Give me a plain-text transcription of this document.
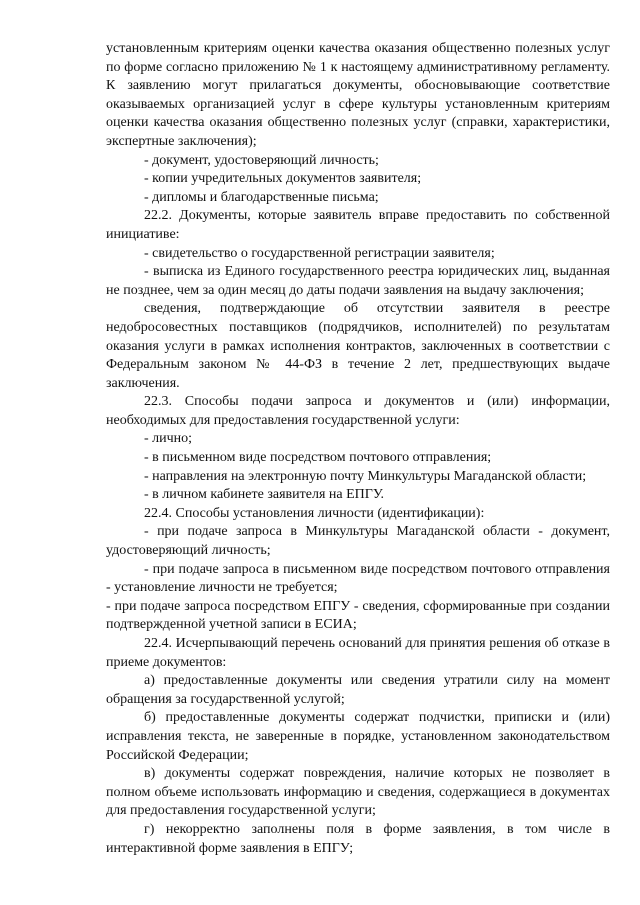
установленным критериям оценки качества оказания общественно полезных услуг по форме согласно приложению № 1 к настоящему административному регламенту. К заявлению могут прилагаться документы, обосновывающие соответствие оказываемых организацией услуг в сфере культуры установленным критериям оценки качества оказания общественно полезных услуг (справки, характеристики, экспертные заключения);

- документ, удостоверяющий личность;

- копии учредительных документов заявителя;

- дипломы и благодарственные письма;

22.2. Документы, которые заявитель вправе предоставить по собственной инициативе:

- свидетельство о государственной регистрации заявителя;

- выписка из Единого государственного реестра юридических лиц, выданная не позднее, чем за один месяц до даты подачи заявления на выдачу заключения;

сведения, подтверждающие об отсутствии заявителя в реестре недобросовестных поставщиков (подрядчиков, исполнителей) по результатам оказания услуги в рамках исполнения контрактов, заключенных в соответствии с Федеральным законом № 44-ФЗ в течение 2 лет, предшествующих выдаче заключения.

22.3. Способы подачи запроса и документов и (или) информации, необходимых для предоставления государственной услуги:

- лично;

- в письменном виде посредством почтового отправления;

- направления на электронную почту Минкультуры Магаданской области;

- в личном кабинете заявителя на ЕПГУ.

22.4. Способы установления личности (идентификации):

- при подаче запроса в Минкультуры Магаданской области - документ, удостоверяющий личность;

- при подаче запроса в письменном виде посредством почтового отправления - установление личности не требуется;

- при подаче запроса посредством ЕПГУ - сведения, сформированные при создании подтвержденной учетной записи в ЕСИА;

22.4. Исчерпывающий перечень оснований для принятия решения об отказе в приеме документов:

а) предоставленные документы или сведения утратили силу на момент обращения за государственной услугой;

б) предоставленные документы содержат подчистки, приписки и (или) исправления текста, не заверенные в порядке, установленном законодательством Российской Федерации;

в) документы содержат повреждения, наличие которых не позволяет в полном объеме использовать информацию и сведения, содержащиеся в документах для предоставления государственной услуги;

г) некорректно заполнены поля в форме заявления, в том числе в интерактивной форме заявления в ЕПГУ;
